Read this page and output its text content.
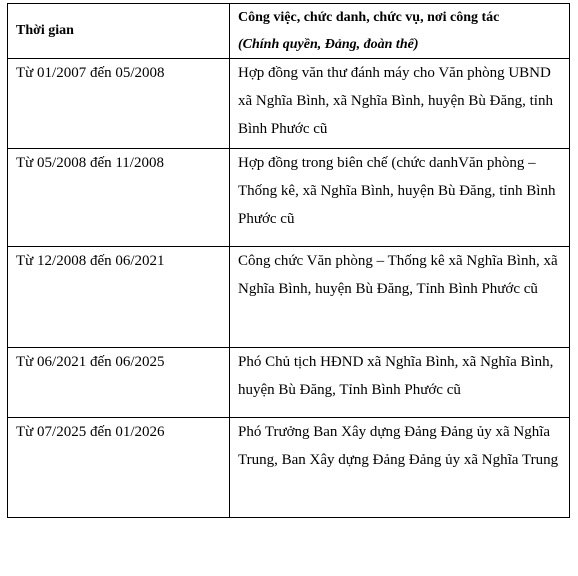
Thời gian	Công việc, chức danh, chức vụ, nơi công tác
(Chính quyền, Đảng, đoàn thể)

Từ 01/2007 đến 05/2008	Hợp đồng văn thư đánh máy cho Văn phòng UBND xã Nghĩa Bình, xã Nghĩa Bình, huyện Bù Đăng, tỉnh Bình Phước cũ
Từ 05/2008 đến 11/2008	Hợp đồng trong biên chế (chức danhVăn phòng – Thống kê, xã Nghĩa Bình, huyện Bù Đăng, tỉnh Bình Phước cũ
Từ 12/2008 đến 06/2021	Công chức Văn phòng – Thống kê xã Nghĩa Bình, xã Nghĩa Bình, huyện Bù Đăng, Tỉnh Bình Phước cũ
Từ 06/2021 đến 06/2025	Phó Chủ tịch HĐND xã Nghĩa Bình, xã Nghĩa Bình, huyện Bù Đăng, Tỉnh Bình Phước cũ
Từ 07/2025 đến 01/2026	Phó Trưởng Ban Xây dựng Đảng Đảng ủy xã Nghĩa Trung, Ban Xây dựng Đảng Đảng ủy xã Nghĩa Trung
